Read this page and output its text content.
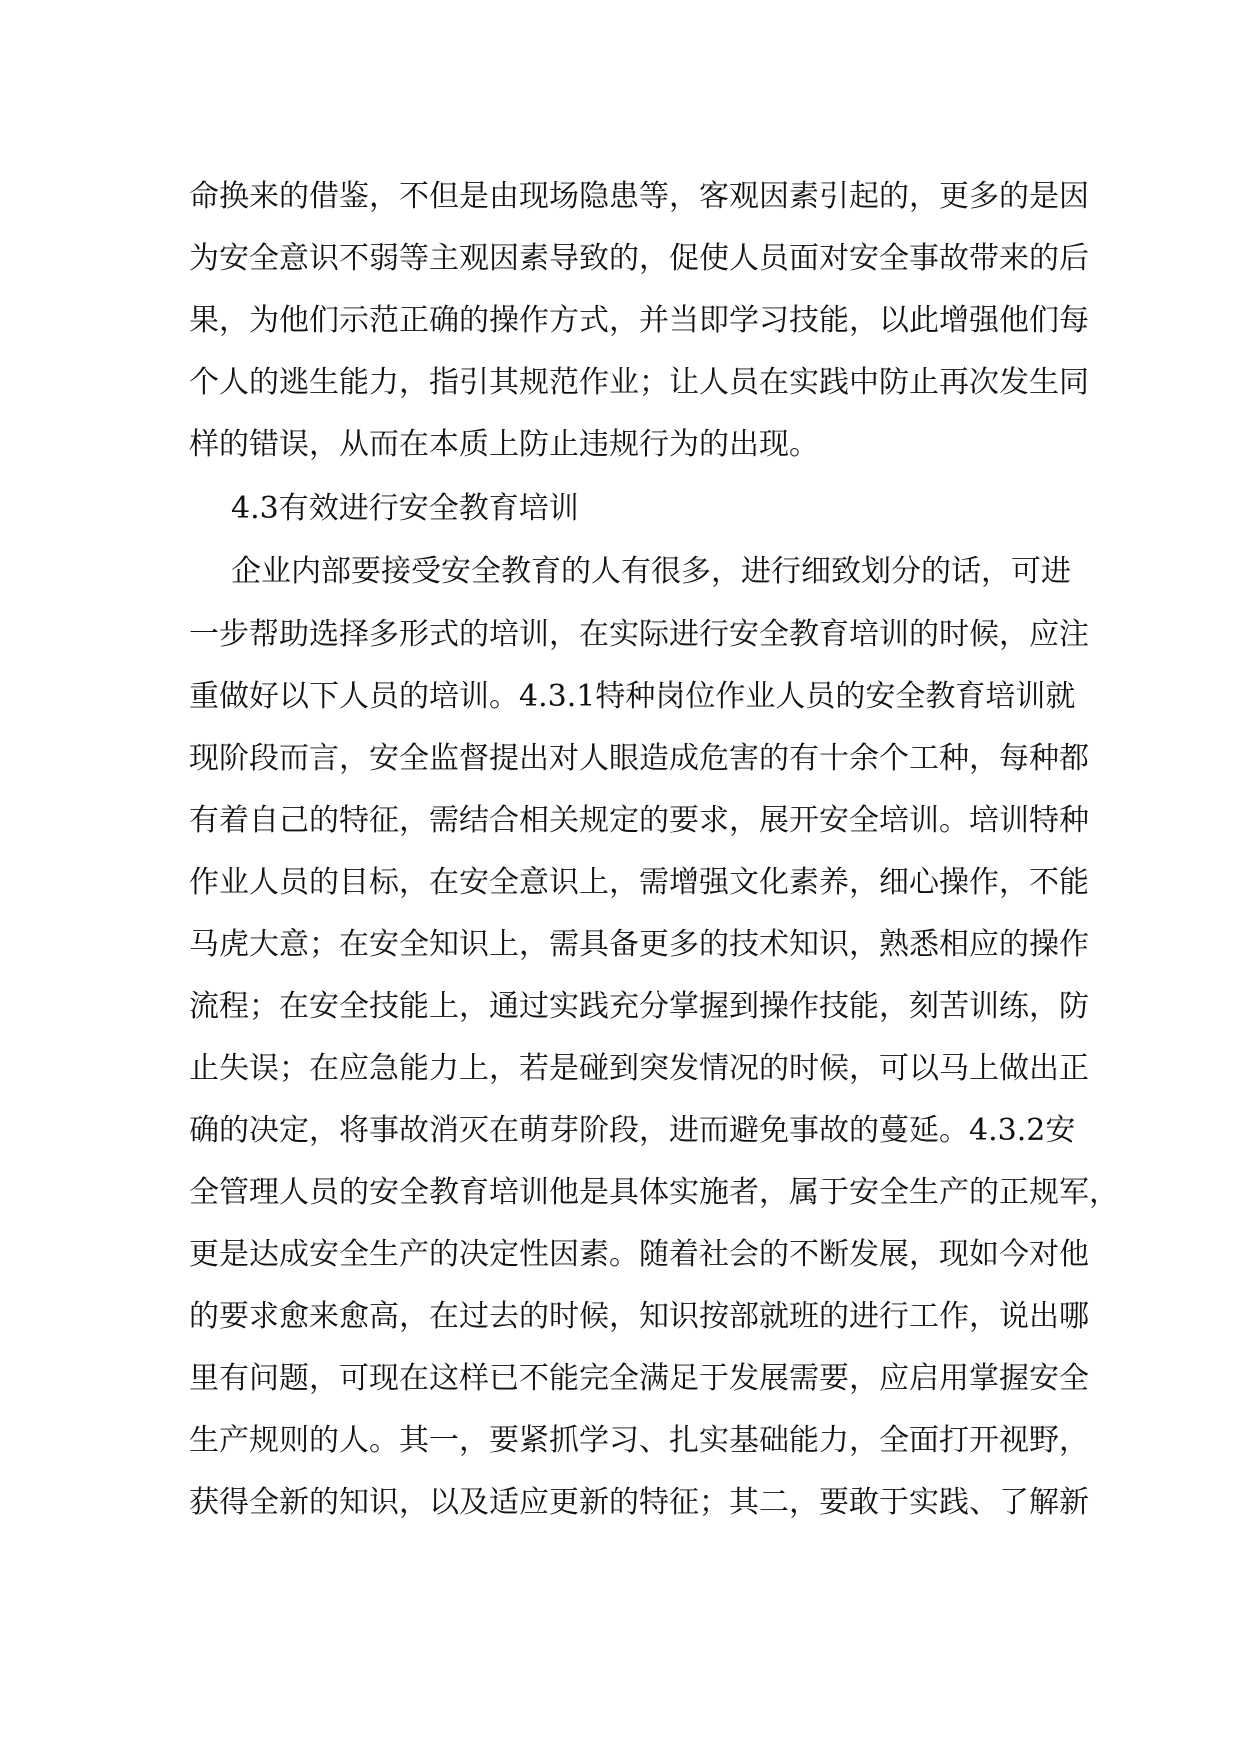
命换来的借鉴，不但是由现场隐患等，客观因素引起的，更多的是因
为安全意识不弱等主观因素导致的，促使人员面对安全事故带来的后
果，为他们示范正确的操作方式，并当即学习技能，以此增强他们每
个人的逃生能力，指引其规范作业；让人员在实践中防止再次发生同
样的错误，从而在本质上防止违规行为的出现。
4.3有效进行安全教育培训
企业内部要接受安全教育的人有很多，进行细致划分的话，可进
一步帮助选择多形式的培训，在实际进行安全教育培训的时候，应注
重做好以下人员的培训。4.3.1特种岗位作业人员的安全教育培训就
现阶段而言，安全监督提出对人眼造成危害的有十余个工种，每种都
有着自己的特征，需结合相关规定的要求，展开安全培训。培训特种
作业人员的目标，在安全意识上，需增强文化素养，细心操作，不能
马虎大意；在安全知识上，需具备更多的技术知识，熟悉相应的操作
流程；在安全技能上，通过实践充分掌握到操作技能，刻苦训练，防
止失误；在应急能力上，若是碰到突发情况的时候，可以马上做出正
确的决定，将事故消灭在萌芽阶段，进而避免事故的蔓延。4.3.2安
全管理人员的安全教育培训他是具体实施者，属于安全生产的正规军，
更是达成安全生产的决定性因素。随着社会的不断发展，现如今对他
的要求愈来愈高，在过去的时候，知识按部就班的进行工作，说出哪
里有问题，可现在这样已不能完全满足于发展需要，应启用掌握安全
生产规则的人。其一，要紧抓学习、扎实基础能力，全面打开视野，
获得全新的知识，以及适应更新的特征；其二，要敢于实践、了解新
